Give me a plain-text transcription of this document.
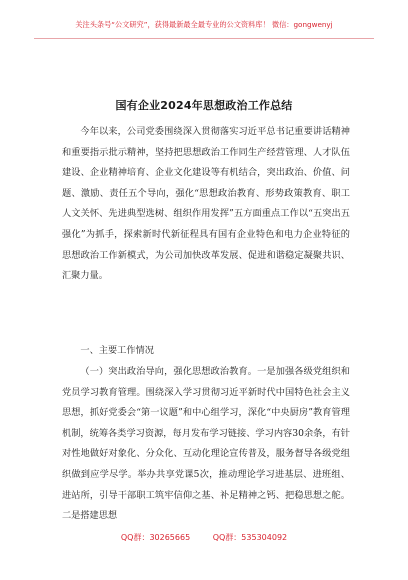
关注头条号“公文研究”，获得最新最全最专业的公文资料库！ 微信：gongwenyj
国有企业2024年思想政治工作总结

今年以来，公司党委围绕深入贯彻落实习近平总书记重要讲话精神和重要指示批示精神，坚持把思想政治工作同生产经营管理、人才队伍建设、企业精神培育、企业文化建设等有机结合，突出政治、价值、问题、激励、责任五个导向，强化“思想政治教育、形势政策教育、职工人文关怀、先进典型选树、组织作用发挥”五方面重点工作以“五突出五强化”为抓手，探索新时代新征程具有国有企业特色和电力企业特征的思想政治工作新模式，为公司加快改革发展、促进和谐稳定凝聚共识、汇聚力量。

一、主要工作情况

（一）突出政治导向，强化思想政治教育。一是加强各级党组织和党员学习教育管理。围绕深入学习贯彻习近平新时代中国特色社会主义思想，抓好党委会“第一议题”和中心组学习，深化“中央厨房”教育管理机制，统筹各类学习资源，每月发布学习链接、学习内容30余条，有针对性地做好对象化、分众化、互动化理论宣传普及，服务督导各级党组织做到应学尽学。举办共享党课5次，推动理论学习进基层、进班组、进站所，引导干部职工筑牢信仰之基、补足精神之钙、把稳思想之舵。二是搭建思想

QQ群：30265665	QQ群：535304092
